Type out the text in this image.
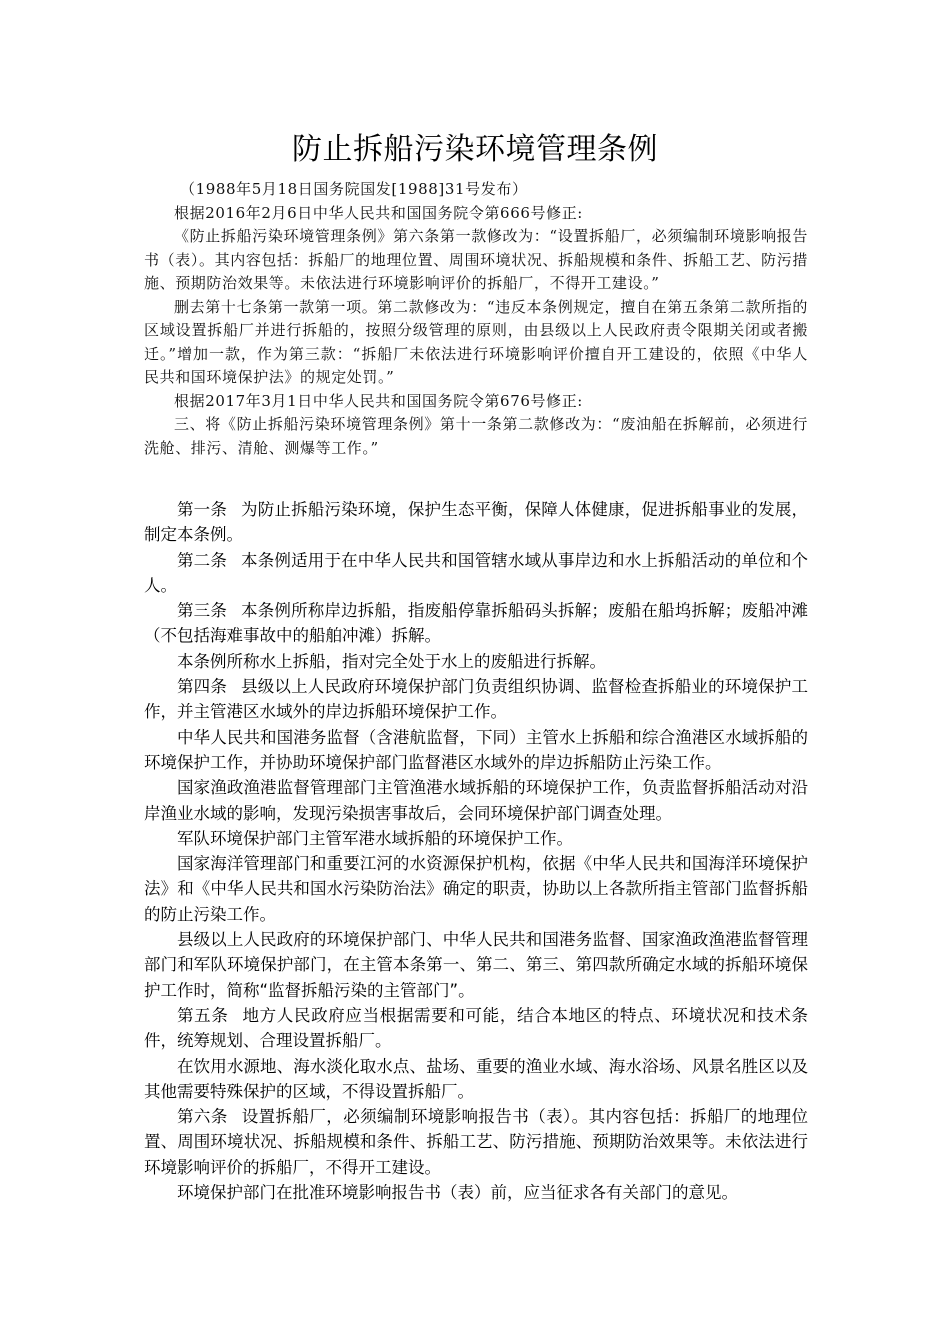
防止拆船污染环境管理条例

（1988年5月18日国务院国发[1988]31号发布）

根据2016年2月6日中华人民共和国国务院令第666号修正:

《防止拆船污染环境管理条例》第六条第一款修改为：“设置拆船厂，必须编制环境影响报告书（表）。其内容包括：拆船厂的地理位置、周围环境状况、拆船规模和条件、拆船工艺、防污措施、预期防治效果等。未依法进行环境影响评价的拆船厂，不得开工建设。”

删去第十七条第一款第一项。第二款修改为：“违反本条例规定，擅自在第五条第二款所指的区域设置拆船厂并进行拆船的，按照分级管理的原则，由县级以上人民政府责令限期关闭或者搬迁。”增加一款，作为第三款：“拆船厂未依法进行环境影响评价擅自开工建设的，依照《中华人民共和国环境保护法》的规定处罚。”

根据2017年3月1日中华人民共和国国务院令第676号修正:

三、将《防止拆船污染环境管理条例》第十一条第二款修改为：“废油船在拆解前，必须进行洗舱、排污、清舱、测爆等工作。”

第一条 为防止拆船污染环境，保护生态平衡，保障人体健康，促进拆船事业的发展，制定本条例。

第二条 本条例适用于在中华人民共和国管辖水域从事岸边和水上拆船活动的单位和个人。

第三条 本条例所称岸边拆船，指废船停靠拆船码头拆解；废船在船坞拆解；废船冲滩（不包括海难事故中的船舶冲滩）拆解。

本条例所称水上拆船，指对完全处于水上的废船进行拆解。

第四条 县级以上人民政府环境保护部门负责组织协调、监督检查拆船业的环境保护工作，并主管港区水域外的岸边拆船环境保护工作。

中华人民共和国港务监督（含港航监督，下同）主管水上拆船和综合渔港区水域拆船的环境保护工作，并协助环境保护部门监督港区水域外的岸边拆船防止污染工作。

国家渔政渔港监督管理部门主管渔港水域拆船的环境保护工作，负责监督拆船活动对沿岸渔业水域的影响，发现污染损害事故后，会同环境保护部门调查处理。

军队环境保护部门主管军港水域拆船的环境保护工作。

国家海洋管理部门和重要江河的水资源保护机构，依据《中华人民共和国海洋环境保护法》和《中华人民共和国水污染防治法》确定的职责，协助以上各款所指主管部门监督拆船的防止污染工作。

县级以上人民政府的环境保护部门、中华人民共和国港务监督、国家渔政渔港监督管理部门和军队环境保护部门，在主管本条第一、第二、第三、第四款所确定水域的拆船环境保护工作时，简称“监督拆船污染的主管部门”。

第五条 地方人民政府应当根据需要和可能，结合本地区的特点、环境状况和技术条件，统筹规划、合理设置拆船厂。

在饮用水源地、海水淡化取水点、盐场、重要的渔业水域、海水浴场、风景名胜区以及其他需要特殊保护的区域，不得设置拆船厂。

第六条 设置拆船厂，必须编制环境影响报告书（表）。其内容包括：拆船厂的地理位置、周围环境状况、拆船规模和条件、拆船工艺、防污措施、预期防治效果等。未依法进行环境影响评价的拆船厂，不得开工建设。

环境保护部门在批准环境影响报告书（表）前，应当征求各有关部门的意见。
